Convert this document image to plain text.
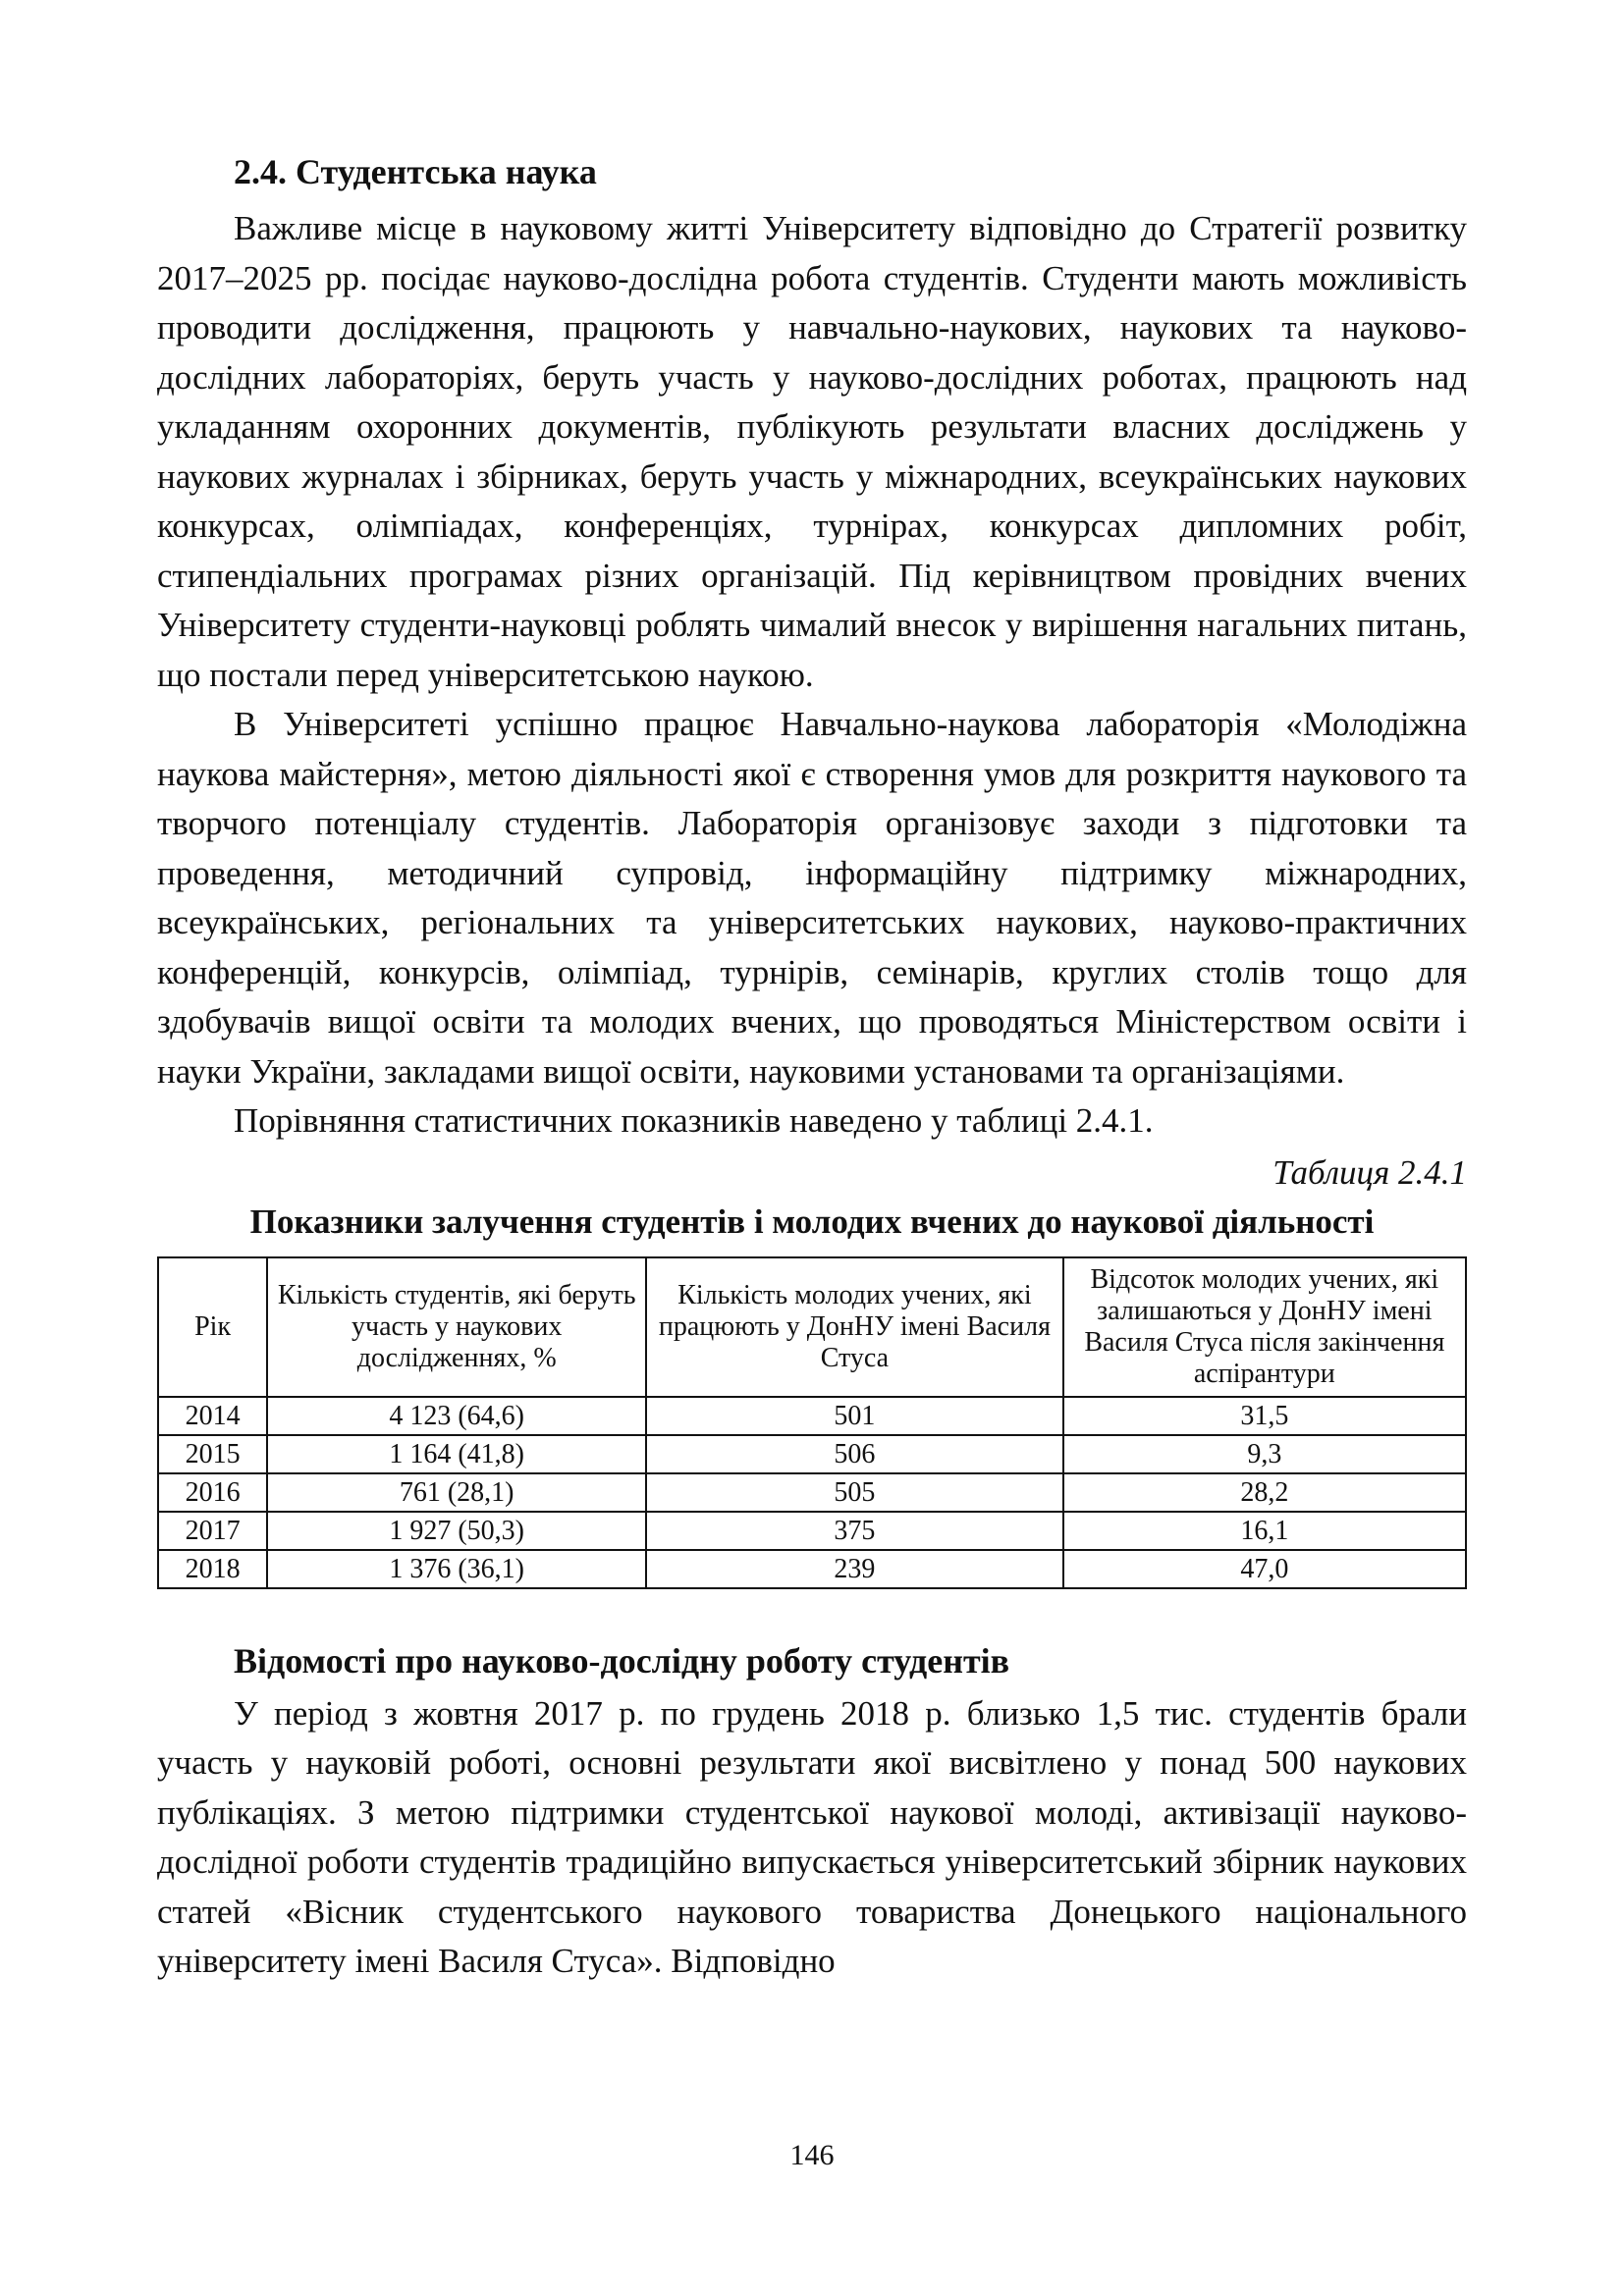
2.4. Студентська наука

Важливе місце в науковому житті Університету відповідно до Стратегії розвитку 2017–2025 рр. посідає науково-дослідна робота студентів. Студенти мають можливість проводити дослідження, працюють у навчально-наукових, наукових та науково-дослідних лабораторіях, беруть участь у науково-дослідних роботах, працюють над укладанням охоронних документів, публікують результати власних досліджень у наукових журналах і збірниках, беруть участь у міжнародних, всеукраїнських наукових конкурсах, олімпіадах, конференціях, турнірах, конкурсах дипломних робіт, стипендіальних програмах різних організацій. Під керівництвом провідних вчених Університету студенти-науковці роблять чималий внесок у вирішення нагальних питань, що постали перед університетською наукою.

В Університеті успішно працює Навчально-наукова лабораторія «Молодіжна наукова майстерня», метою діяльності якої є створення умов для розкриття наукового та творчого потенціалу студентів. Лабораторія організовує заходи з підготовки та проведення, методичний супровід, інформаційну підтримку міжнародних, всеукраїнських, регіональних та університетських наукових, науково-практичних конференцій, конкурсів, олімпіад, турнірів, семінарів, круглих столів тощо для здобувачів вищої освіти та молодих вчених, що проводяться Міністерством освіти і науки України, закладами вищої освіти, науковими установами та організаціями.

Порівняння статистичних показників наведено у таблиці 2.4.1.

Таблиця 2.4.1
Показники залучення студентів і молодих вчених до наукової діяльності
Рік	Кількість студентів, які беруть участь у наукових дослідженнях, %	Кількість молодих учених, які працюють у ДонНУ імені Василя Стуса	Відсоток молодих учених, які залишаються у ДонНУ імені Василя Стуса після закінчення аспірантури
2014	4 123 (64,6)	501	31,5
2015	1 164 (41,8)	506	9,3
2016	761 (28,1)	505	28,2
2017	1 927 (50,3)	375	16,1
2018	1 376 (36,1)	239	47,0
Відомості про науково-дослідну роботу студентів

У період з жовтня 2017 р. по грудень 2018 р. близько 1,5 тис. студентів брали участь у науковій роботі, основні результати якої висвітлено у понад 500 наукових публікаціях. З метою підтримки студентської наукової молоді, активізації науково-дослідної роботи студентів традиційно випускається університетський збірник наукових статей «Вісник студентського наукового товариства Донецького національного університету імені Василя Стуса». Відповідно

146
